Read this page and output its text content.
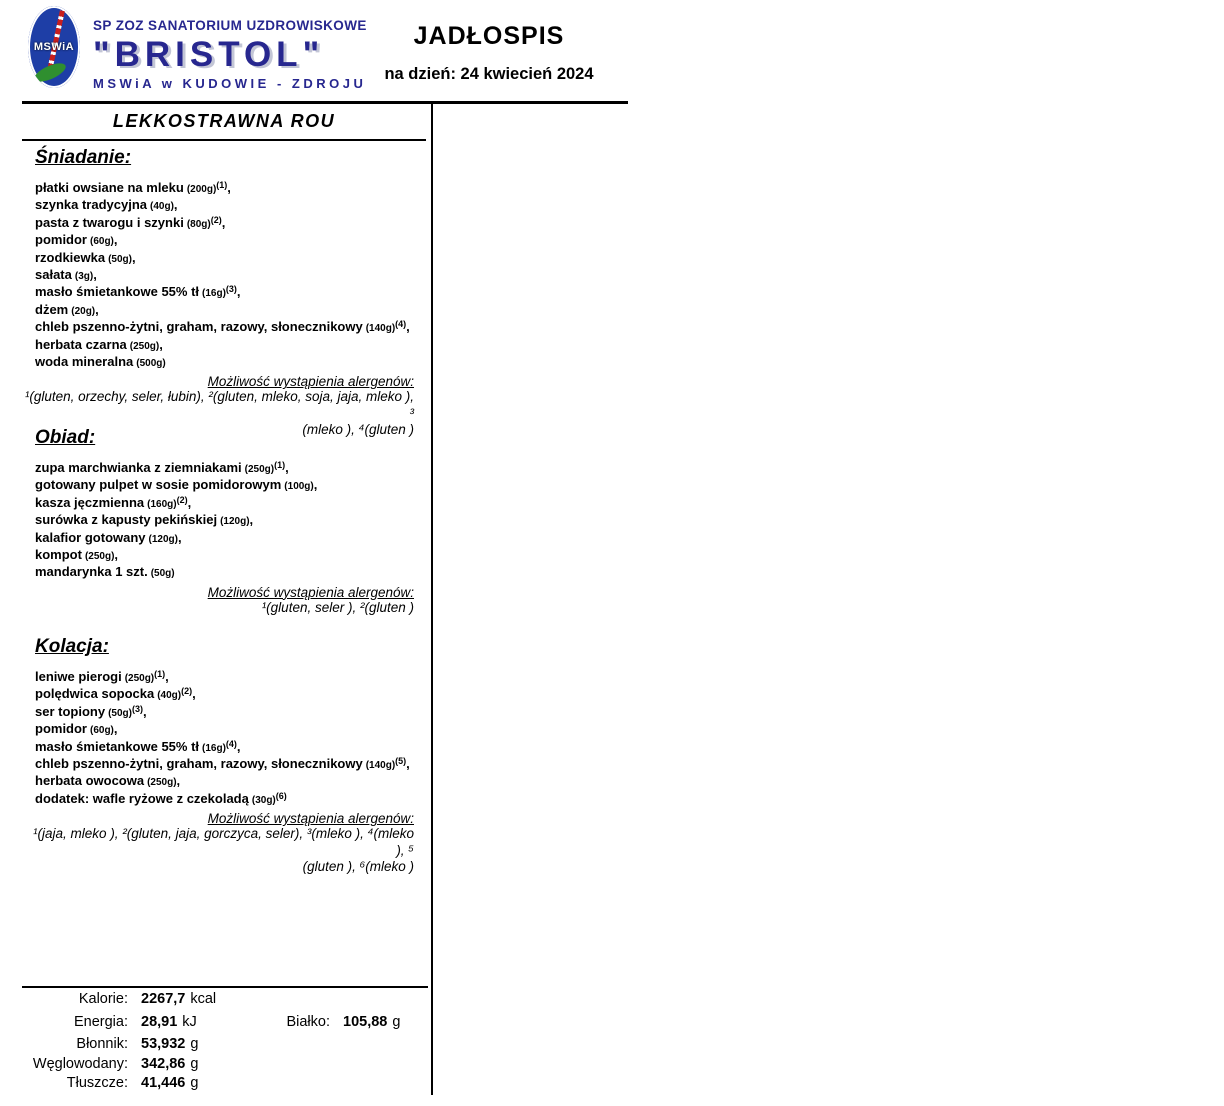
MSWiA
SP ZOZ SANATORIUM UZDROWISKOWE
"BRISTOL"
MSWiA w KUDOWIE - ZDROJU
JADŁOSPIS
na dzień: 24 kwiecień 2024
LEKKOSTRAWNA ROU
Śniadanie:
płatki owsiane na mleku $(200g)^{(1)}$,
szynka tradycyjna (40g),
pasta z twarogu i szynki $(80g)^{(2)}$,
pomidor (60g),
rzodkiewka (50g),
sałata (3g),
masło śmietankowe 55% tł $(16g)^{(3)}$,
dżem (20g),
chleb pszenno-żytni, graham, razowy, słonecznikowy $(140g)^{(4)}$,
herbata czarna (250g),
woda mineralna (500g)
Możliwość wystąpienia alergenów:
¹(gluten, orzechy, seler, łubin), ²(gluten, mleko, soja, jaja, mleko ), ³
(mleko ), ⁴(gluten )
Obiad:
zupa marchwianka z ziemniakami $(250g)^{(1)}$,
gotowany pulpet w sosie pomidorowym (100g),
kasza jęczmienna $(160g)^{(2)}$,
surówka z kapusty pekińskiej (120g),
kalafior gotowany (120g),
kompot (250g),
mandarynka 1 szt. (50g)
Możliwość wystąpienia alergenów:
¹(gluten, seler ), ²(gluten )
Kolacja:
leniwe pierogi $(250g)^{(1)}$,
polędwica sopocka $(40g)^{(2)}$,
ser topiony $(50g)^{(3)}$,
pomidor (60g),
masło śmietankowe 55% tł $(16g)^{(4)}$,
chleb pszenno-żytni, graham, razowy, słonecznikowy $(140g)^{(5)}$,
herbata owocowa (250g),
dodatek: wafle ryżowe z czekoladą $(30g)^{(6)}$
Możliwość wystąpienia alergenów:
¹(jaja, mleko ), ²(gluten, jaja, gorczyca, seler), ³(mleko ), ⁴(mleko ), ⁵
(gluten ), ⁶(mleko )
Kalorie: 2267,7 kcal
Energia: 28,91 kJ
Błonnik: 53,932 g
Węglowodany: 342,86 g
Tłuszcze: 41,446 g
Białko: 105,88 g
